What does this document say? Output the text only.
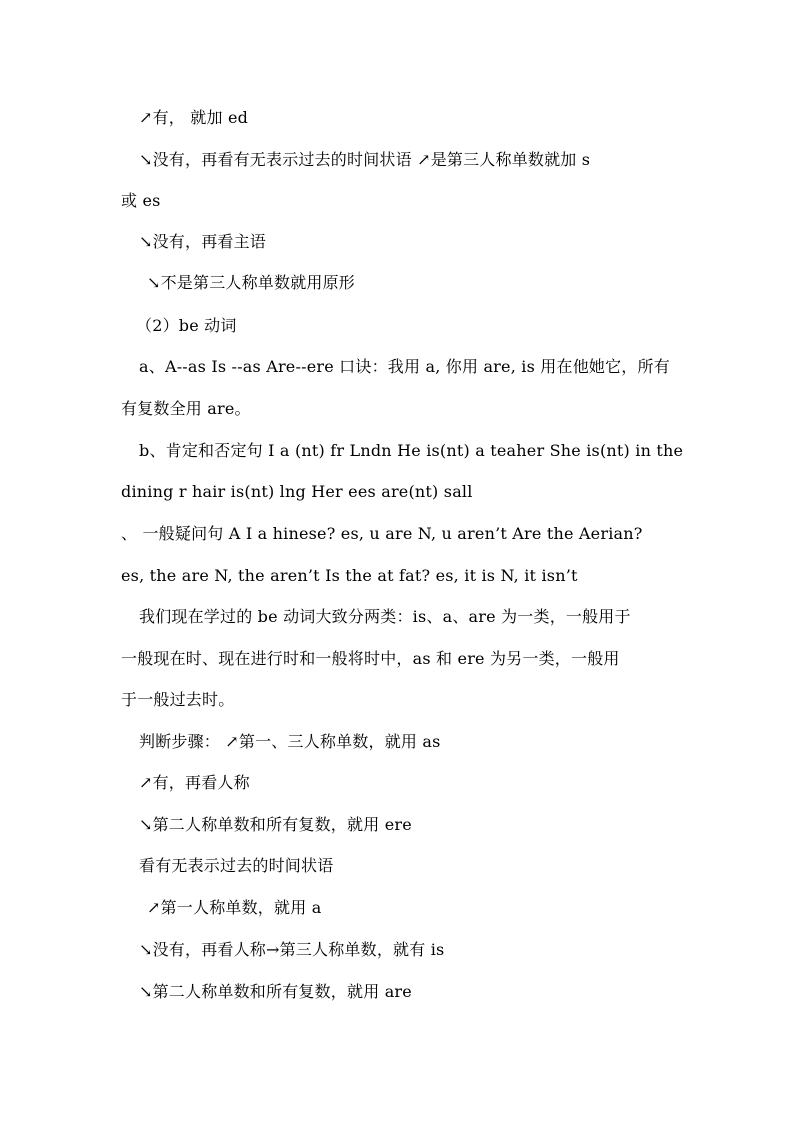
↗有， 就加 ed
↘没有，再看有无表示过去的时间状语 ↗是第三人称单数就加 s
或 es
↘没有，再看主语
↘不是第三人称单数就用原形
（2）be 动词
a、A--as Is --as Are--ere 口诀：我用 a, 你用 are, is 用在他她它，所有
有复数全用 are。
b、肯定和否定句 I a (nt) fr Lndn He is(nt) a teaher She is(nt) in the
dining r hair is(nt) lng Her ees are(nt) sall
、 一般疑问句 A I a hinese? es, u are N, u aren’t Are the Aerian?
es, the are N, the aren’t Is the at fat? es, it is N, it isn’t
我们现在学过的 be 动词大致分两类：is、a、are 为一类，一般用于
一般现在时、现在进行时和一般将时中，as 和 ere 为另一类，一般用
于一般过去时。
判断步骤： ↗第一、三人称单数，就用 as
↗有，再看人称
↘第二人称单数和所有复数，就用 ere
看有无表示过去的时间状语
↗第一人称单数，就用 a
↘没有，再看人称→第三人称单数，就有 is
↘第二人称单数和所有复数，就用 are
